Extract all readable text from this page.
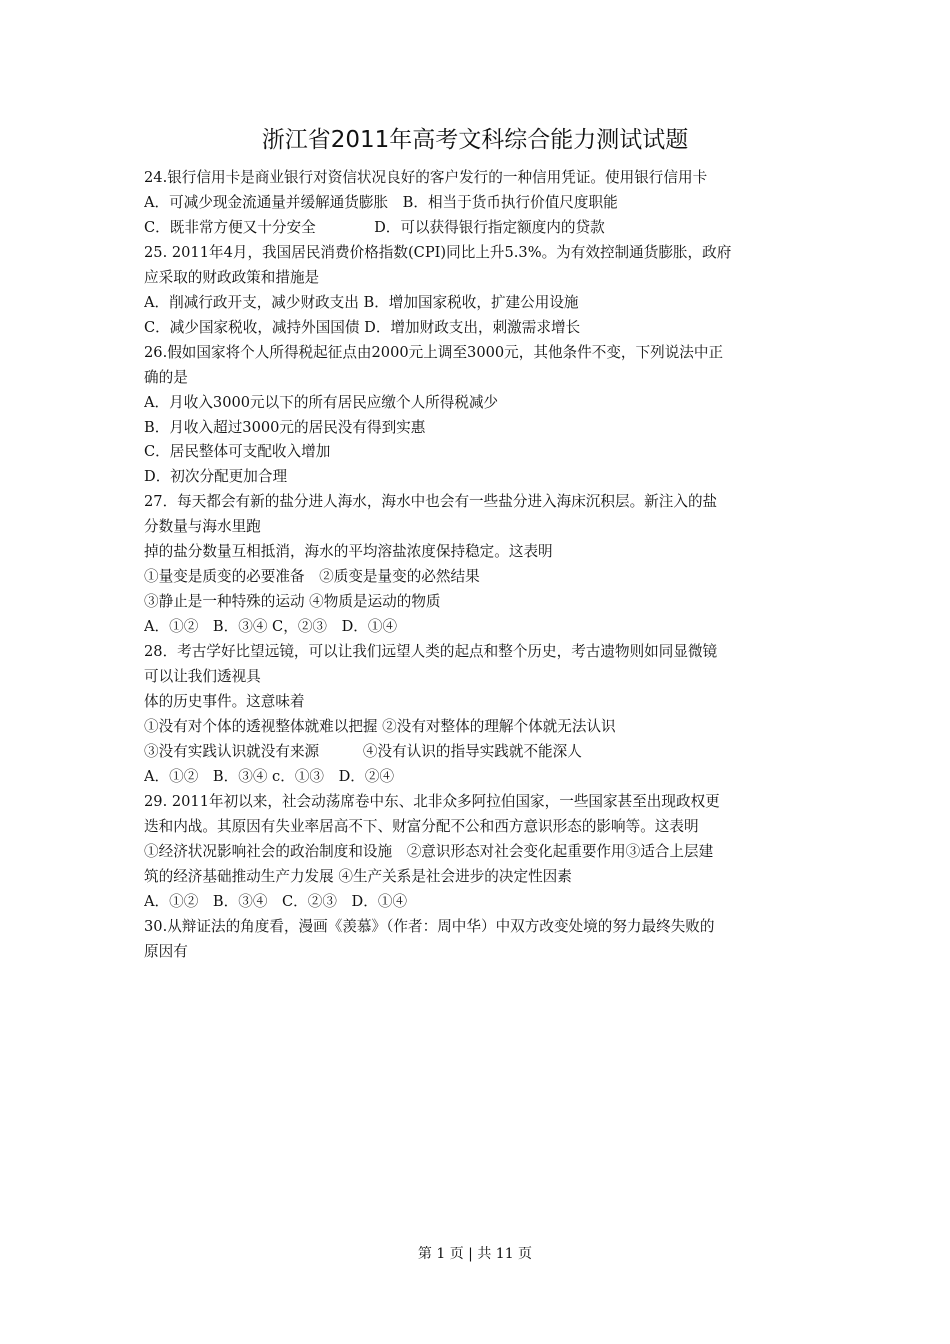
浙江省2011年高考文科综合能力测试试题

24.银行信用卡是商业银行对资信状况良好的客户发行的一种信用凭证。使用银行信用卡

A．可减少现金流通量并缓解通货膨胀　B．相当于货币执行价值尺度职能

C．既非常方便又十分安全　　　　D．可以获得银行指定额度内的贷款

25. 2011年4月，我国居民消费价格指数(CPI)同比上升5.3%。为有效控制通货膨胀，政府

应采取的财政政策和措施是

A．削减行政开支，减少财政支出 B．增加国家税收，扩建公用设施

C．减少国家税收，减持外国国债 D．增加财政支出，刺激需求增长

26.假如国家将个人所得税起征点由2000元上调至3000元，其他条件不变，下列说法中正

确的是

A．月收入3000元以下的所有居民应缴个人所得税减少

B．月收入超过3000元的居民没有得到实惠

C．居民整体可支配收入增加

D．初次分配更加合理

27．每天都会有新的盐分进人海水，海水中也会有一些盐分进入海床沉积层。新注入的盐

分数量与海水里跑

掉的盐分数量互相抵消，海水的平均溶盐浓度保持稳定。这表明

①量变是质变的必要准备　②质变是量变的必然结果

③静止是一种特殊的运动 ④物质是运动的物质

A．①②　B．③④ C，②③　D．①④

28．考古学好比望远镜，可以让我们远望人类的起点和整个历史，考古遗物则如同显微镜

可以让我们透视具

体的历史事件。这意味着

①没有对个体的透视整体就难以把握 ②没有对整体的理解个体就无法认识

③没有实践认识就没有来源　　　④没有认识的指导实践就不能深人

A．①②　B．③④ c．①③　D．②④

29. 2011年初以来，社会动荡席卷中东、北非众多阿拉伯国家，一些国家甚至出现政权更

迭和内战。其原因有失业率居高不下、财富分配不公和西方意识形态的影响等。这表明

①经济状况影响社会的政治制度和设施　②意识形态对社会变化起重要作用③适合上层建

筑的经济基础推动生产力发展 ④生产关系是社会进步的决定性因素

A．①②　B．③④　C．②③　D．①④

30.从辩证法的角度看，漫画《羡慕》（作者：周中华）中双方改变处境的努力最终失败的

原因有

第 1 页 | 共 11 页
